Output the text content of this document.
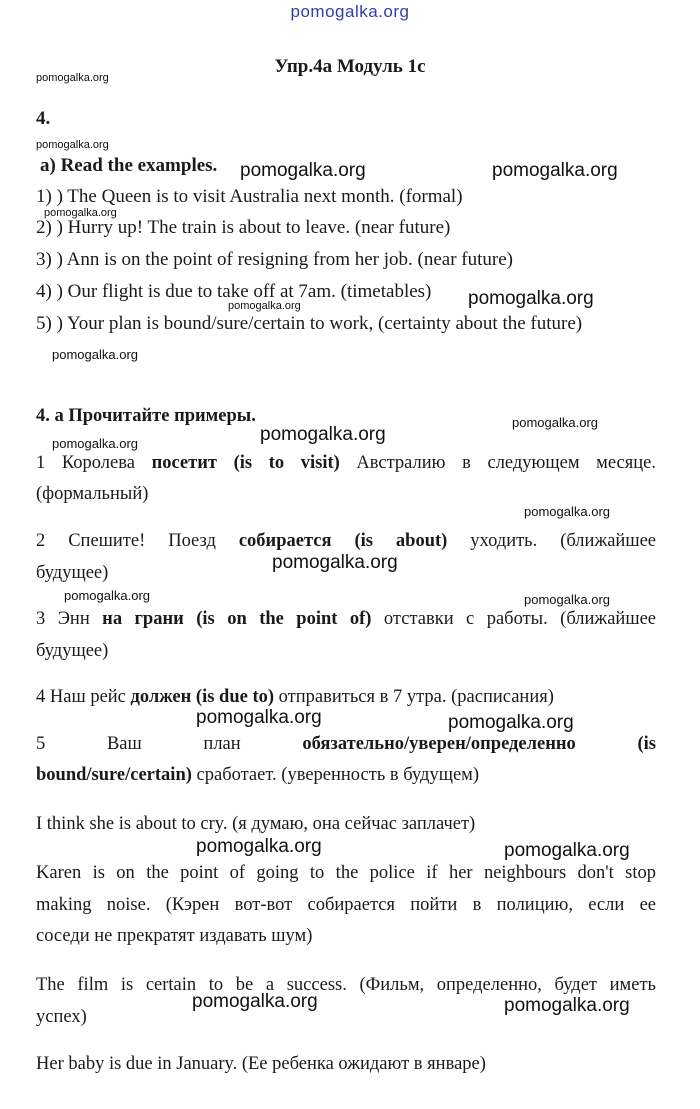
pomogalka.org
Упр.4а Модуль 1с
pomogalka.org
pomogalka.org
pomogalka.org
pomogalka.org
4.
a) Read the examples.
1) ) The Queen is to visit Australia next month. (formal)
2) ) Hurry up! The train is about to leave. (near future)
3) ) Ann is on the point of resigning from her job. (near future)
4) ) Our flight is due to take off at 7am. (timetables)
5) ) Your plan is bound/sure/certain to work, (certainty about the future)
pomogalka.org	pomogalka.org
pomogalka.org
pomogalka.org
4. а Прочитайте примеры.	pomogalka.org
pomogalka.org
pomogalka.org
1 Королева посетит (is to visit) Австралию в следующем месяце.
(формальный)
pomogalka.org
2 Спешите! Поезд собирается (is about) уходить. (ближайшее
будущее)	pomogalka.org
pomogalka.org	pomogalka.org
3 Энн на грани (is on the point of) отставки с работы. (ближайшее
будущее)
4 Наш рейс должен (is due to) отправиться в 7 утра. (расписания)
pomogalka.org	pomogalka.org
5	Ваш	план	обязательно/уверен/определенно	(is
bound/sure/certain) сработает. (уверенность в будущем)
I think she is about to cry. (я думаю, она сейчас заплачет)
pomogalka.org	pomogalka.org
Karen is on the point of going to the police if her neighbours don't stop
making noise. (Кэрен вот-вот собирается пойти в полицию, если ее
соседи не прекратят издавать шум)
The film is certain to be a success. (Фильм, определенно, будет иметь
успех)
pomogalka.org	pomogalka.org
Her baby is due in January. (Ее ребенка ожидают в январе)
